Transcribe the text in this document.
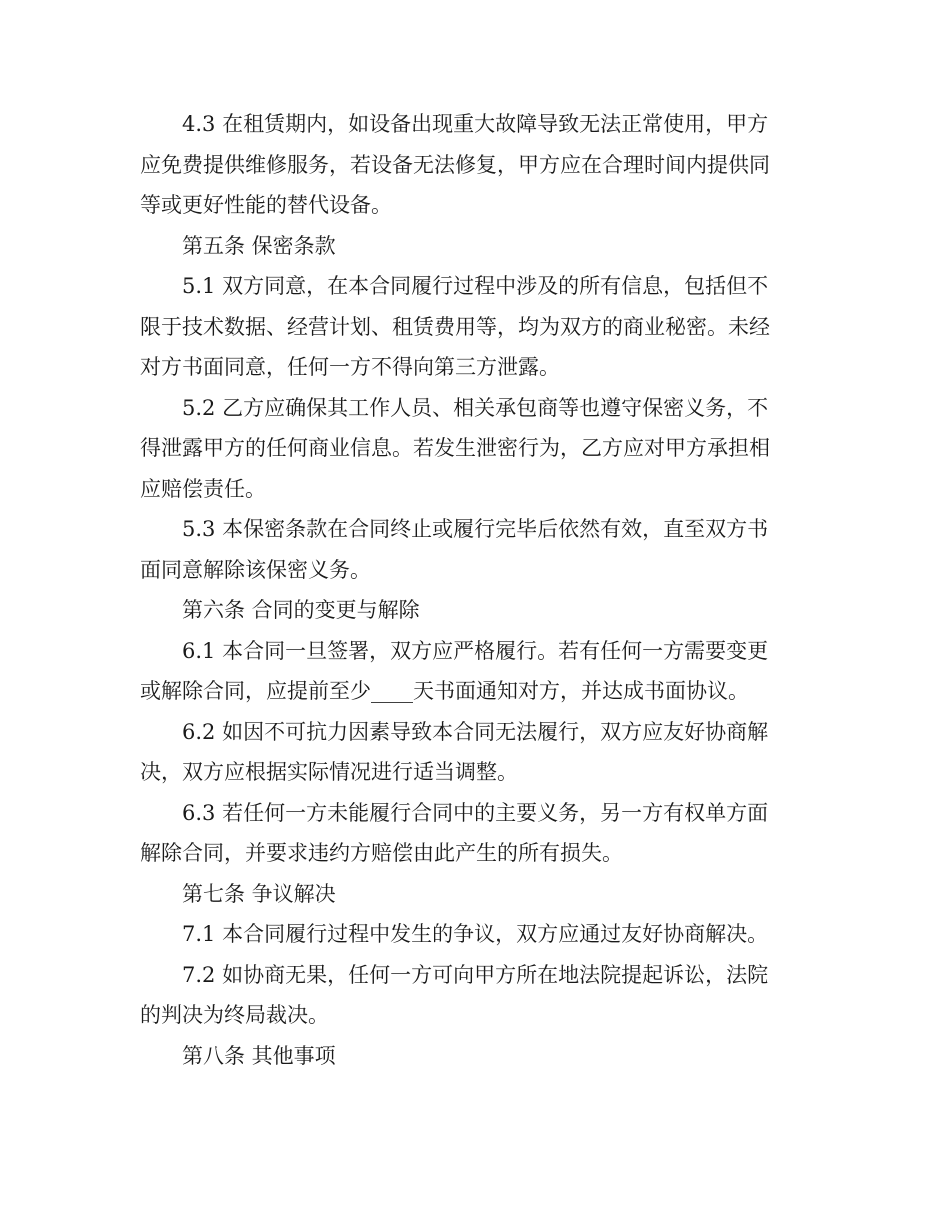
4.3 在租赁期内，如设备出现重大故障导致无法正常使用，甲方
应免费提供维修服务，若设备无法修复，甲方应在合理时间内提供同
等或更好性能的替代设备。

第五条 保密条款

5.1 双方同意，在本合同履行过程中涉及的所有信息，包括但不
限于技术数据、经营计划、租赁费用等，均为双方的商业秘密。未经
对方书面同意，任何一方不得向第三方泄露。

5.2 乙方应确保其工作人员、相关承包商等也遵守保密义务，不
得泄露甲方的任何商业信息。若发生泄密行为，乙方应对甲方承担相
应赔偿责任。

5.3 本保密条款在合同终止或履行完毕后依然有效，直至双方书
面同意解除该保密义务。

第六条 合同的变更与解除

6.1 本合同一旦签署，双方应严格履行。若有任何一方需要变更
或解除合同，应提前至少____天书面通知对方，并达成书面协议。

6.2 如因不可抗力因素导致本合同无法履行，双方应友好协商解
决，双方应根据实际情况进行适当调整。

6.3 若任何一方未能履行合同中的主要义务，另一方有权单方面
解除合同，并要求违约方赔偿由此产生的所有损失。

第七条 争议解决

7.1 本合同履行过程中发生的争议，双方应通过友好协商解决。

7.2 如协商无果，任何一方可向甲方所在地法院提起诉讼，法院
的判决为终局裁决。

第八条 其他事项
